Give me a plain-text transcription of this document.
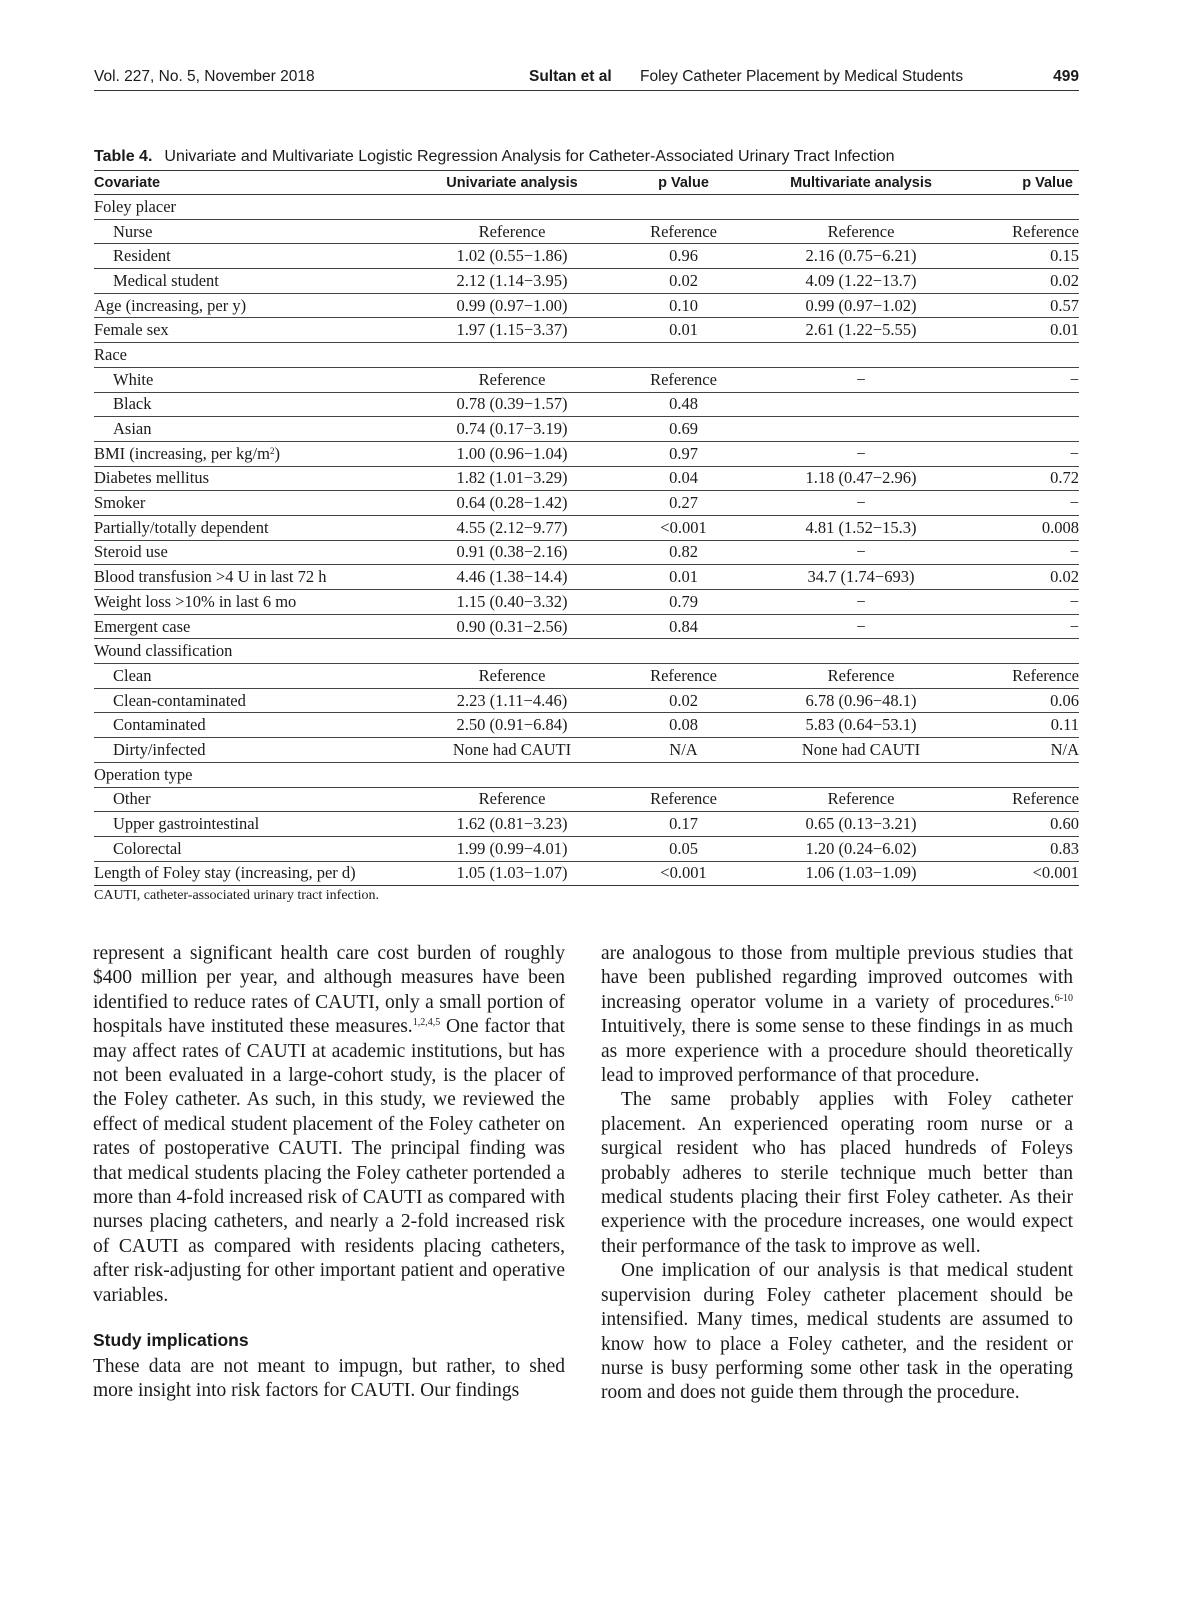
Vol. 227, No. 5, November 2018	Sultan et al Foley Catheter Placement by Medical Students	499
Table 4. Univariate and Multivariate Logistic Regression Analysis for Catheter-Associated Urinary Tract Infection
Covariate	Univariate analysis	p Value	Multivariate analysis	p Value
Foley placer				
Nurse	Reference	Reference	Reference	Reference
Resident	1.02 (0.55−1.86)	0.96	2.16 (0.75−6.21)	0.15
Medical student	2.12 (1.14−3.95)	0.02	4.09 (1.22−13.7)	0.02
Age (increasing, per y)	0.99 (0.97−1.00)	0.10	0.99 (0.97−1.02)	0.57
Female sex	1.97 (1.15−3.37)	0.01	2.61 (1.22−5.55)	0.01
Race				
White	Reference	Reference	−	−
Black	0.78 (0.39−1.57)	0.48		
Asian	0.74 (0.17−3.19)	0.69		
BMI (increasing, per $kg/m^2$)	1.00 (0.96−1.04)	0.97	−	−
Diabetes mellitus	1.82 (1.01−3.29)	0.04	1.18 (0.47−2.96)	0.72
Smoker	0.64 (0.28−1.42)	0.27	−	−
Partially/totally dependent	4.55 (2.12−9.77)	<0.001	4.81 (1.52−15.3)	0.008
Steroid use	0.91 (0.38−2.16)	0.82	−	−
Blood transfusion >4 U in last 72 h	4.46 (1.38−14.4)	0.01	34.7 (1.74−693)	0.02
Weight loss >10% in last 6 mo	1.15 (0.40−3.32)	0.79	−	−
Emergent case	0.90 (0.31−2.56)	0.84	−	−
Wound classification				
Clean	Reference	Reference	Reference	Reference
Clean-contaminated	2.23 (1.11−4.46)	0.02	6.78 (0.96−48.1)	0.06
Contaminated	2.50 (0.91−6.84)	0.08	5.83 (0.64−53.1)	0.11
Dirty/infected	None had CAUTI	N/A	None had CAUTI	N/A
Operation type				
Other	Reference	Reference	Reference	Reference
Upper gastrointestinal	1.62 (0.81−3.23)	0.17	0.65 (0.13−3.21)	0.60
Colorectal	1.99 (0.99−4.01)	0.05	1.20 (0.24−6.02)	0.83
Length of Foley stay (increasing, per d)	1.05 (1.03−1.07)	<0.001	1.06 (1.03−1.09)	<0.001
CAUTI, catheter-associated urinary tract infection.

represent a significant health care cost burden of roughly $400 million per year, and although measures have been identified to reduce rates of CAUTI, only a small portion of hospitals have instituted these measures.$^{1,2,4,5}$ One factor that may affect rates of CAUTI at academic institutions, but has not been evaluated in a large-cohort study, is the placer of the Foley catheter. As such, in this study, we reviewed the effect of medical student placement of the Foley catheter on rates of postoperative CAUTI. The principal finding was that medical students placing the Foley catheter portended a more than 4-fold increased risk of CAUTI as compared with nurses placing catheters, and nearly a 2-fold increased risk of CAUTI as compared with residents placing catheters, after risk-adjusting for other important patient and operative variables.

Study implications

These data are not meant to impugn, but rather, to shed more insight into risk factors for CAUTI. Our findings

are analogous to those from multiple previous studies that have been published regarding improved outcomes with increasing operator volume in a variety of procedures.$^{6-10}$ Intuitively, there is some sense to these findings in as much as more experience with a procedure should theoretically lead to improved performance of that procedure.

The same probably applies with Foley catheter placement. An experienced operating room nurse or a surgical resident who has placed hundreds of Foleys probably adheres to sterile technique much better than medical students placing their first Foley catheter. As their experience with the procedure increases, one would expect their performance of the task to improve as well.

One implication of our analysis is that medical student supervision during Foley catheter placement should be intensified. Many times, medical students are assumed to know how to place a Foley catheter, and the resident or nurse is busy performing some other task in the operating room and does not guide them through the procedure.
